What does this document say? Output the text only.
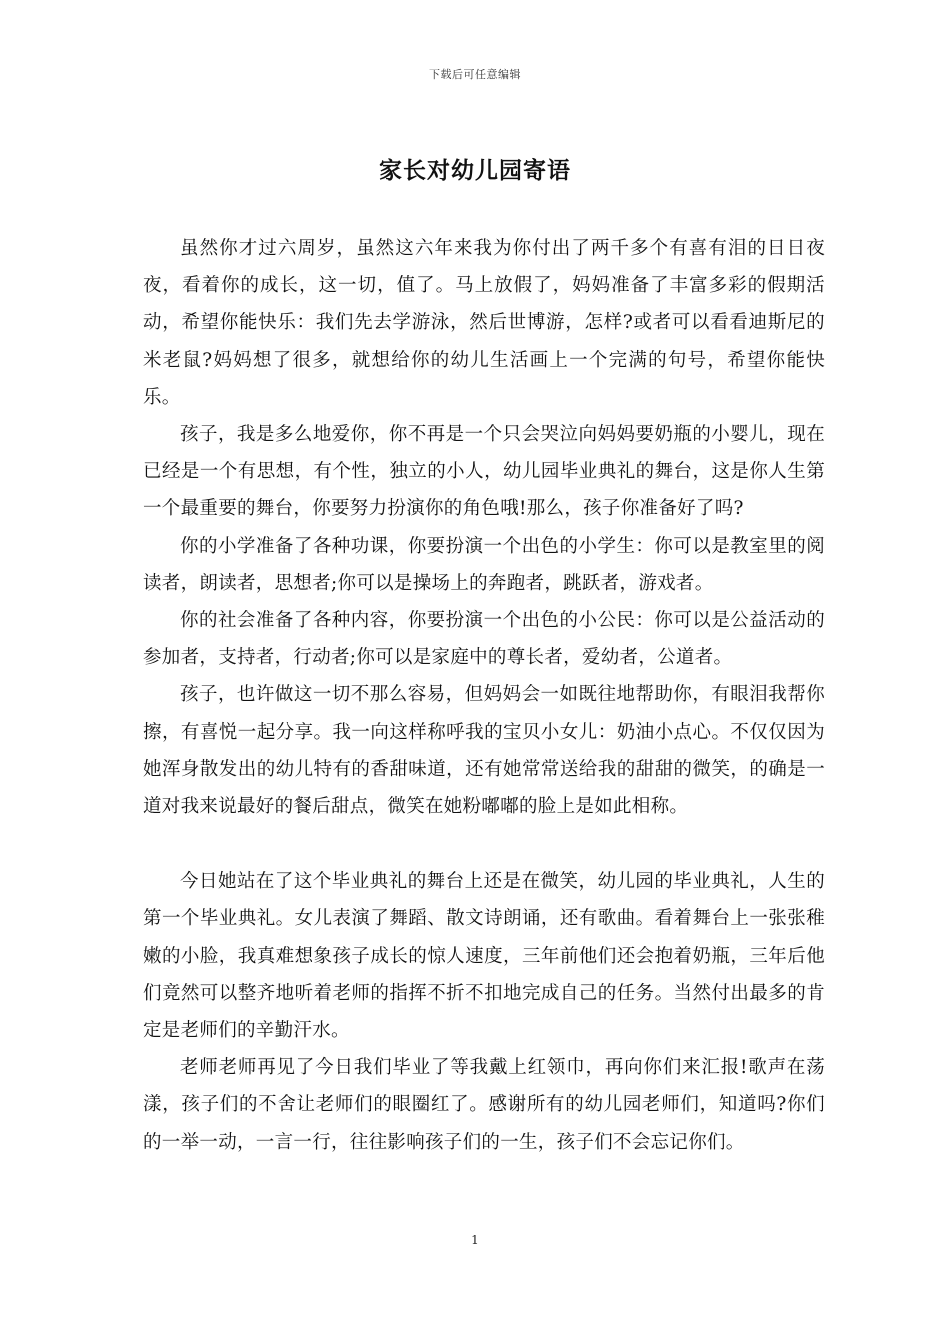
下载后可任意编辑
家长对幼儿园寄语

虽然你才过六周岁，虽然这六年来我为你付出了两千多个有喜有泪的日日夜夜，看着你的成长，这一切，值了。马上放假了，妈妈准备了丰富多彩的假期活动，希望你能快乐：我们先去学游泳，然后世博游，怎样?或者可以看看迪斯尼的米老鼠?妈妈想了很多，就想给你的幼儿生活画上一个完满的句号，希望你能快乐。

孩子，我是多么地爱你，你不再是一个只会哭泣向妈妈要奶瓶的小婴儿，现在已经是一个有思想，有个性，独立的小人，幼儿园毕业典礼的舞台，这是你人生第一个最重要的舞台，你要努力扮演你的角色哦!那么，孩子你准备好了吗?

你的小学准备了各种功课，你要扮演一个出色的小学生：你可以是教室里的阅读者，朗读者，思想者;你可以是操场上的奔跑者，跳跃者，游戏者。

你的社会准备了各种内容，你要扮演一个出色的小公民：你可以是公益活动的参加者，支持者，行动者;你可以是家庭中的尊长者，爱幼者，公道者。

孩子，也许做这一切不那么容易，但妈妈会一如既往地帮助你，有眼泪我帮你擦，有喜悦一起分享。我一向这样称呼我的宝贝小女儿：奶油小点心。不仅仅因为她浑身散发出的幼儿特有的香甜味道，还有她常常送给我的甜甜的微笑，的确是一道对我来说最好的餐后甜点，微笑在她粉嘟嘟的脸上是如此相称。

今日她站在了这个毕业典礼的舞台上还是在微笑，幼儿园的毕业典礼，人生的第一个毕业典礼。女儿表演了舞蹈、散文诗朗诵，还有歌曲。看着舞台上一张张稚嫩的小脸，我真难想象孩子成长的惊人速度，三年前他们还会抱着奶瓶，三年后他们竟然可以整齐地听着老师的指挥不折不扣地完成自己的任务。当然付出最多的肯定是老师们的辛勤汗水。

老师老师再见了今日我们毕业了等我戴上红领巾，再向你们来汇报!歌声在荡漾，孩子们的不舍让老师们的眼圈红了。感谢所有的幼儿园老师们，知道吗?你们的一举一动，一言一行，往往影响孩子们的一生，孩子们不会忘记你们。

1
